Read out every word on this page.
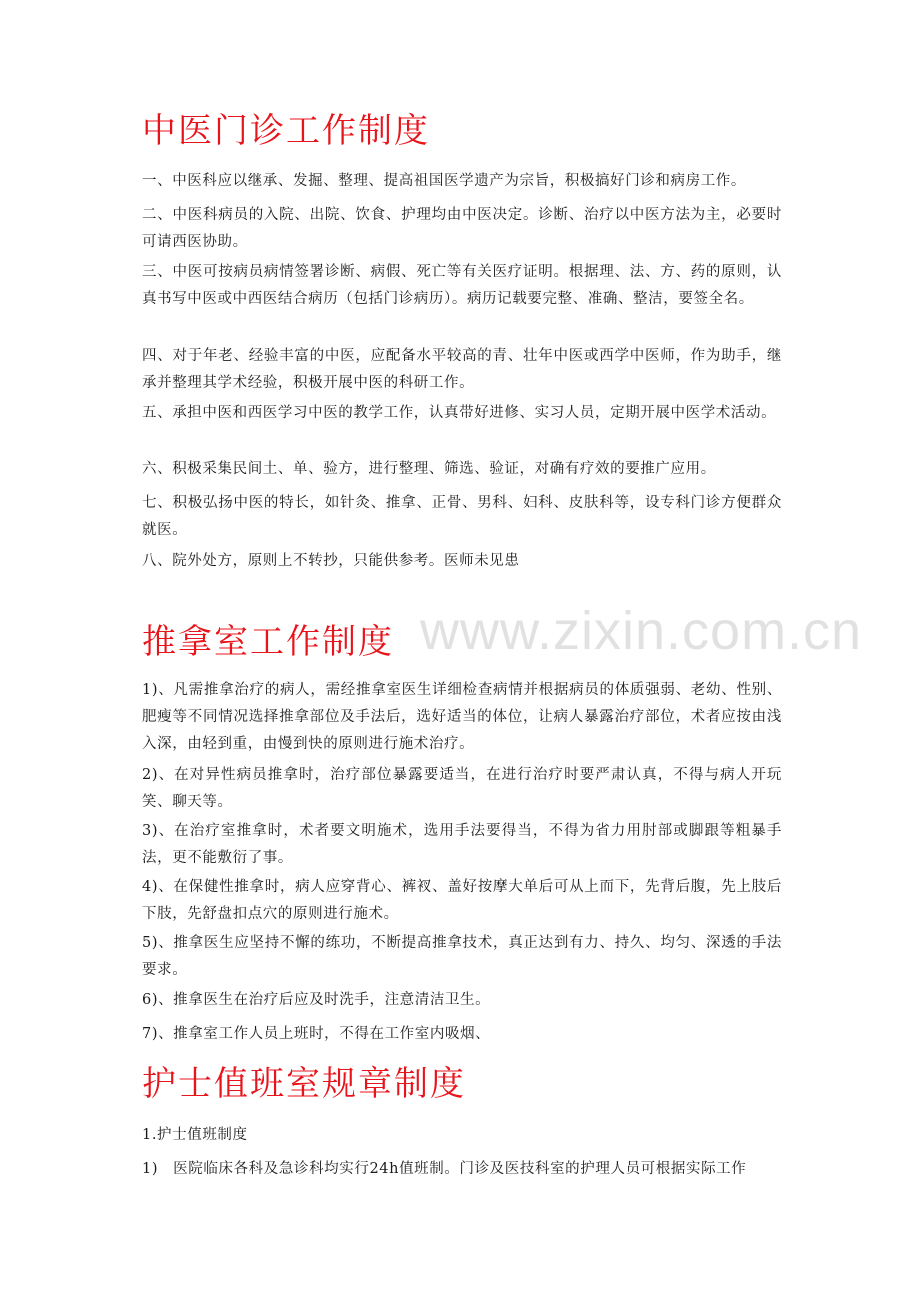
www.zixin.com.cn
中医门诊工作制度

一、中医科应以继承、发掘、整理、提高祖国医学遗产为宗旨，积极搞好门诊和病房工作。

二、中医科病员的入院、出院、饮食、护理均由中医决定。诊断、治疗以中医方法为主，必要时可请西医协助。

三、中医可按病员病情签署诊断、病假、死亡等有关医疗证明。根据理、法、方、药的原则，认真书写中医或中西医结合病历（包括门诊病历）。病历记载要完整、准确、整洁，要签全名。

四、对于年老、经验丰富的中医，应配备水平较高的青、壮年中医或西学中医师，作为助手，继承并整理其学术经验，积极开展中医的科研工作。

五、承担中医和西医学习中医的教学工作，认真带好进修、实习人员，定期开展中医学术活动。

六、积极采集民间土、单、验方，进行整理、筛选、验证，对确有疗效的要推广应用。

七、积极弘扬中医的特长，如针灸、推拿、正骨、男科、妇科、皮肤科等，设专科门诊方便群众就医。

八、院外处方，原则上不转抄，只能供参考。医师未见患

推拿室工作制度

1)、凡需推拿治疗的病人，需经推拿室医生详细检查病情并根据病员的体质强弱、老幼、性别、肥瘦等不同情况选择推拿部位及手法后，选好适当的体位，让病人暴露治疗部位，术者应按由浅入深，由轻到重，由慢到快的原则进行施术治疗。

2)、在对异性病员推拿时，治疗部位暴露要适当，在进行治疗时要严肃认真，不得与病人开玩笑、聊天等。

3)、在治疗室推拿时，术者要文明施术，选用手法要得当，不得为省力用肘部或脚跟等粗暴手法，更不能敷衍了事。

4)、在保健性推拿时，病人应穿背心、裤衩、盖好按摩大单后可从上而下，先背后腹，先上肢后下肢，先舒盘扣点穴的原则进行施术。

5)、推拿医生应坚持不懈的练功，不断提高推拿技术，真正达到有力、持久、均匀、深透的手法要求。

6)、推拿医生在治疗后应及时洗手，注意清洁卫生。

7)、推拿室工作人员上班时，不得在工作室内吸烟、

护士值班室规章制度

1.护士值班制度

1)　医院临床各科及急诊科均实行24h值班制。门诊及医技科室的护理人员可根据实际工作
